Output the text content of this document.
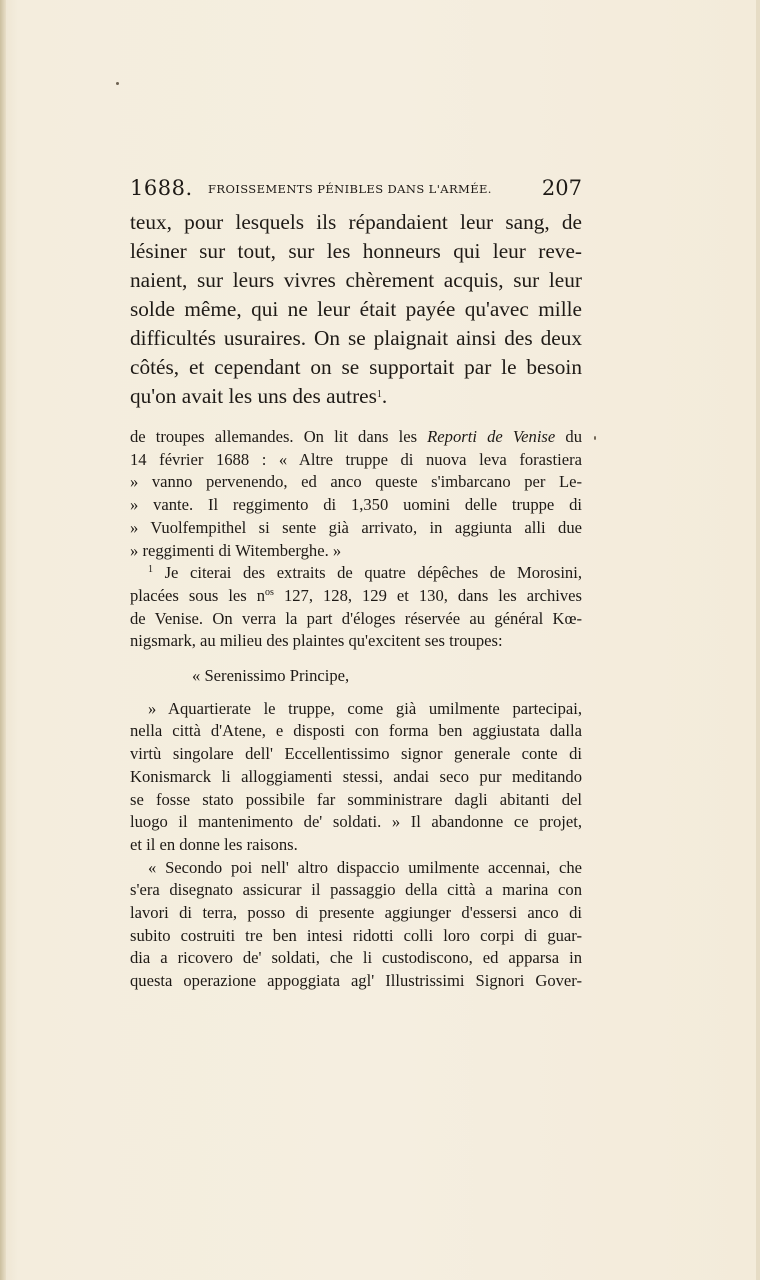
1688. FROISSEMENTS PÉNIBLES DANS L'ARMÉE. 207
teux, pour lesquels ils répandaient leur sang, de
lésiner sur tout, sur les honneurs qui leur reve-
naient, sur leurs vivres chèrement acquis, sur leur
solde même, qui ne leur était payée qu'avec mille
difficultés usuraires. On se plaignait ainsi des deux
côtés, et cependant on se supportait par le besoin
qu'on avait les uns des autres$^1$.
de troupes allemandes. On lit dans les Reporti de Venise du
14 février 1688 : « Altre truppe di nuova leva forastiera
» vanno pervenendo, ed anco queste s'imbarcano per Le-
» vante. Il reggimento di 1,350 uomini delle truppe di
» Vuolfempithel si sente già arrivato, in aggiunta alli due
» reggimenti di Witemberghe. »
$^1$ Je citerai des extraits de quatre dépêches de Morosini,
placées sous les $n^{os}$ 127, 128, 129 et 130, dans les archives
de Venise. On verra la part d'éloges réservée au général Kœ-
nigsmark, au milieu des plaintes qu'excitent ses troupes:
« Serenissimo Principe,
» Aquartierate le truppe, come già umilmente partecipai,
nella città d'Atene, e disposti con forma ben aggiustata dalla
virtù singolare dell' Eccellentissimo signor generale conte di
Konismarck li alloggiamenti stessi, andai seco pur meditando
se fosse stato possibile far somministrare dagli abitanti del
luogo il mantenimento de' soldati. » Il abandonne ce projet,
et il en donne les raisons.
« Secondo poi nell' altro dispaccio umilmente accennai, che
s'era disegnato assicurar il passaggio della città a marina con
lavori di terra, posso di presente aggiunger d'essersi anco di
subito costruiti tre ben intesi ridotti colli loro corpi di guar-
dia a ricovero de' soldati, che li custodiscono, ed apparsa in
questa operazione appoggiata agl' Illustrissimi Signori Gover-
